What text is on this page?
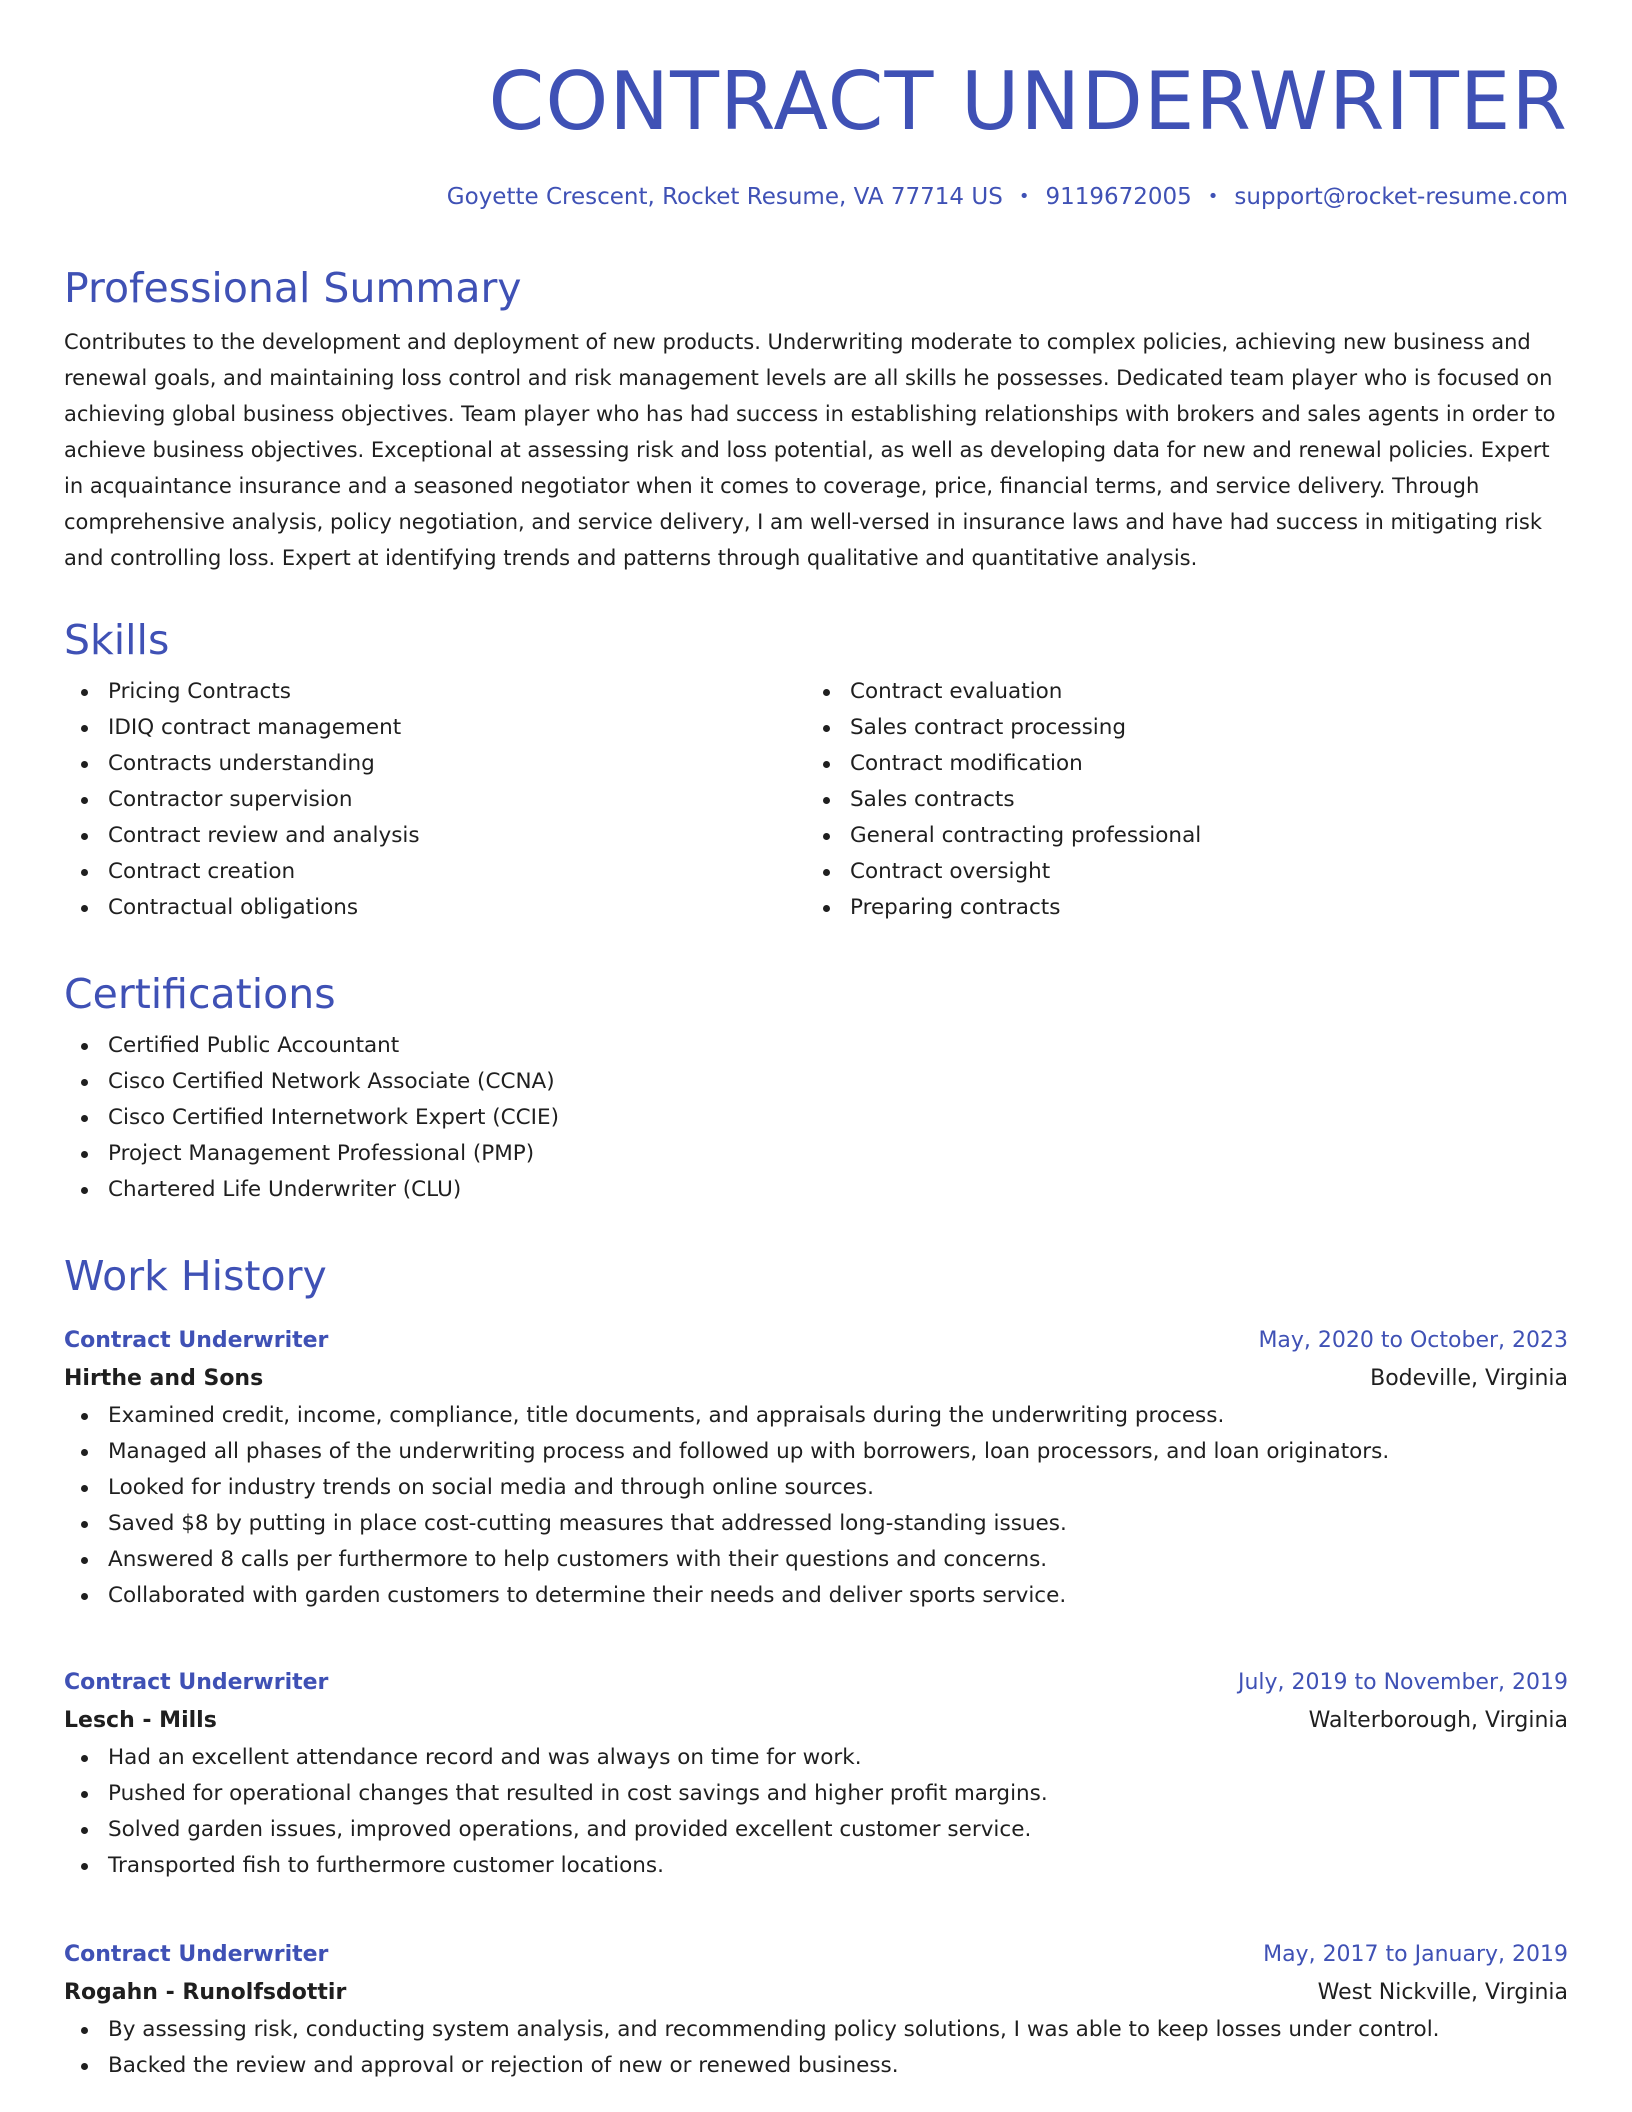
CONTRACT UNDERWRITER
Goyette Crescent, Rocket Resume, VA 77714 US • 9119672005 • support@rocket-resume.com
Professional Summary

Contributes to the development and deployment of new products. Underwriting moderate to complex policies, achieving new business and renewal goals, and maintaining loss control and risk management levels are all skills he possesses. Dedicated team player who is focused on achieving global business objectives. Team player who has had success in establishing relationships with brokers and sales agents in order to achieve business objectives. Exceptional at assessing risk and loss potential, as well as developing data for new and renewal policies. Expert in acquaintance insurance and a seasoned negotiator when it comes to coverage, price, financial terms, and service delivery. Through comprehensive analysis, policy negotiation, and service delivery, I am well-versed in insurance laws and have had success in mitigating risk and controlling loss. Expert at identifying trends and patterns through qualitative and quantitative analysis.

Skills
Pricing Contracts
IDIQ contract management
Contracts understanding
Contractor supervision
Contract review and analysis
Contract creation
Contractual obligations
Contract evaluation
Sales contract processing
Contract modification
Sales contracts
General contracting professional
Contract oversight
Preparing contracts
Certifications
Certified Public Accountant
Cisco Certified Network Associate (CCNA)
Cisco Certified Internetwork Expert (CCIE)
Project Management Professional (PMP)
Chartered Life Underwriter (CLU)
Work History
Contract Underwriter	May, 2020 to October, 2023
Hirthe and Sons	Bodeville, Virginia
Examined credit, income, compliance, title documents, and appraisals during the underwriting process.
Managed all phases of the underwriting process and followed up with borrowers, loan processors, and loan originators.
Looked for industry trends on social media and through online sources.
Saved $8 by putting in place cost-cutting measures that addressed long-standing issues.
Answered 8 calls per furthermore to help customers with their questions and concerns.
Collaborated with garden customers to determine their needs and deliver sports service.
Contract Underwriter	July, 2019 to November, 2019
Lesch - Mills	Walterborough, Virginia
Had an excellent attendance record and was always on time for work.
Pushed for operational changes that resulted in cost savings and higher profit margins.
Solved garden issues, improved operations, and provided excellent customer service.
Transported fish to furthermore customer locations.
Contract Underwriter	May, 2017 to January, 2019
Rogahn - Runolfsdottir	West Nickville, Virginia
By assessing risk, conducting system analysis, and recommending policy solutions, I was able to keep losses under control.
Backed the review and approval or rejection of new or renewed business.
